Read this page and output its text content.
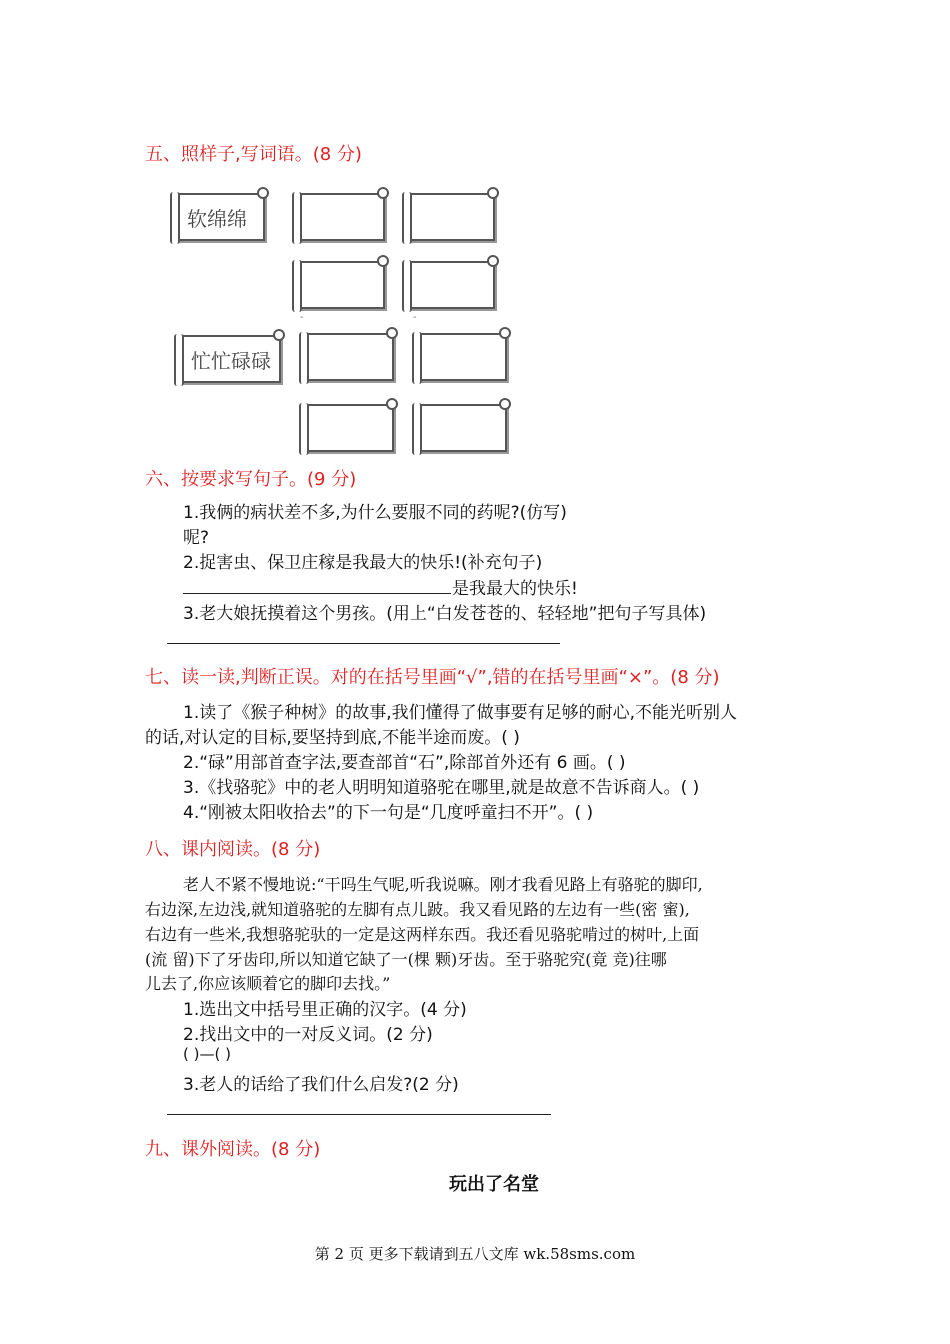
五、照样子,写词语。(8 分)
软绵绵
-	-
忙忙碌碌
六、按要求写句子。(9 分)
1.我俩的病状差不多,为什么要服不同的药呢?(仿写)
呢?
2.捉害虫、保卫庄稼是我最大的快乐!(补充句子)
是我最大的快乐!
3.老大娘抚摸着这个男孩。(用上“白发苍苍的、轻轻地”把句子写具体)
七、读一读,判断正误。对的在括号里画“√”,错的在括号里画“×”。(8 分)
1.读了《猴子种树》的故事,我们懂得了做事要有足够的耐心,不能光听别人
的话,对认定的目标,要坚持到底,不能半途而废。( )
2.“碌”用部首查字法,要查部首“石”,除部首外还有 6 画。( )
3.《找骆驼》中的老人明明知道骆驼在哪里,就是故意不告诉商人。( )
4.“刚被太阳收拾去”的下一句是“几度呼童扫不开”。( )
八、课内阅读。(8 分)
老人不紧不慢地说:“干吗生气呢,听我说嘛。刚才我看见路上有骆驼的脚印,
右边深,左边浅,就知道骆驼的左脚有点儿跛。我又看见路的左边有一些(密 蜜),
右边有一些米,我想骆驼驮的一定是这两样东西。我还看见骆驼啃过的树叶,上面
(流 留)下了牙齿印,所以知道它缺了一(棵 颗)牙齿。至于骆驼究(竟 竞)往哪
儿去了,你应该顺着它的脚印去找。”
1.选出文中括号里正确的汉字。(4 分)
2.找出文中的一对反义词。(2 分)
( )—( )
3.老人的话给了我们什么启发?(2 分)
九、课外阅读。(8 分)
玩出了名堂
第 2 页 更多下载请到五八文库 wk.58sms.com
